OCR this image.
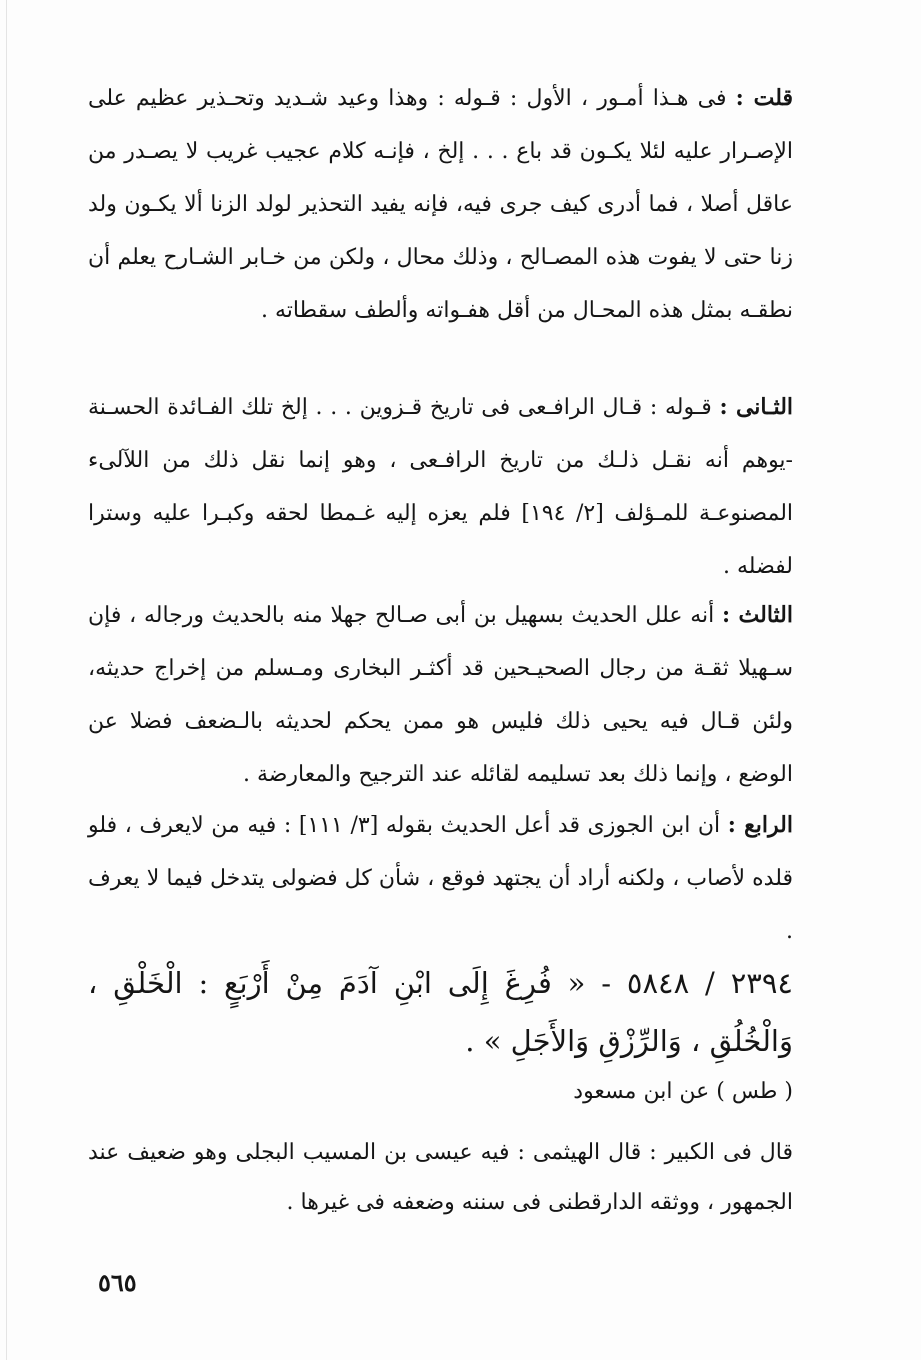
قلت : فى هـذا أمـور ، الأول : قـوله : وهذا وعيد شـديد وتحـذير عظيم على الإصـرار عليه لئلا يكـون قد باع . . . إلخ ، فإنـه كلام عجيب غريب لا يصـدر من عاقل أصلا ، فما أدرى كيف جرى فيه، فإنه يفيد التحذير لولد الزنا ألا يكـون ولد زنا حتى لا يفوت هذه المصـالح ، وذلك محال ، ولكن من خـابر الشـارح يعلم أن نطقـه بمثل هذه المحـال من أقل هفـواته وألطف سقطاته .

الثـانى : قـوله : قـال الرافـعى فى تاريخ قـزوين . . . إلخ تلك الفـائدة الحسـنة -يوهم أنه نقـل ذلـك من تاريخ الرافـعى ، وهو إنما نقل ذلك من اللآلىء المصنوعـة للمـؤلف [٢/ ١٩٤] فلم يعزه إليه غـمطا لحقه وكبـرا عليه وسترا لفضله .

الثالث : أنه علل الحديث بسهيل بن أبى صـالح جهلا منه بالحديث ورجاله ، فإن سـهيلا ثقـة من رجال الصحيـحين قد أكثـر البخارى ومـسلم من إخراج حديثه، ولئن قـال فيه يحيى ذلك فليس هو ممن يحكم لحديثه بالـضعف فضلا عن الوضع ، وإنما ذلك بعد تسليمه لقائله عند الترجيح والمعارضة .

الرابع : أن ابن الجوزى قد أعل الحديث بقوله [٣/ ١١١] : فيه من لايعرف ، فلو قلده لأصاب ، ولكنه أراد أن يجتهد فوقع ، شأن كل فضولى يتدخل فيما لا يعرف .

٢٣٩٤ / ٥٨٤٨ - « فُرِغَ إِلَى ابْنِ آدَمَ مِنْ أَرْبَعٍ : الْخَلْقِ ، وَالْخُلُقِ ، وَالرِّزْقِ وَالأَجَلِ » .

( طس ) عن ابن مسعود

قال فى الكبير : قال الهيثمى : فيه عيسى بن المسيب البجلى وهو ضعيف عند الجمهور ، ووثقه الدارقطنى فى سننه وضعفه فى غيرها .

٥٦٥
